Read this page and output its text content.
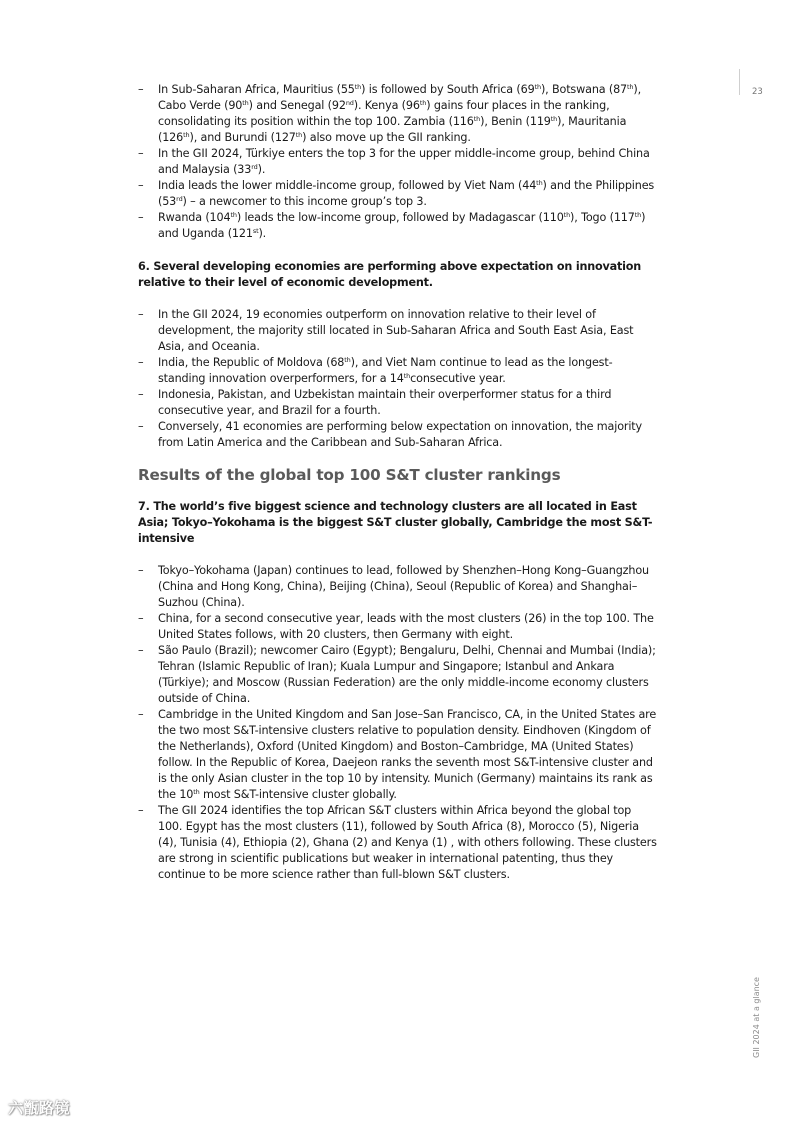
23
– In Sub-Saharan Africa, Mauritius (55th) is followed by South Africa (69th), Botswana (87th), Cabo Verde (90th) and Senegal (92nd). Kenya (96th) gains four places in the ranking, consolidating its position within the top 100. Zambia (116th), Benin (119th), Mauritania (126th), and Burundi (127th) also move up the GII ranking.
– In the GII 2024, Türkiye enters the top 3 for the upper middle-income group, behind China and Malaysia (33rd).
– India leads the lower middle-income group, followed by Viet Nam (44th) and the Philippines (53rd) – a newcomer to this income group’s top 3.
– Rwanda (104th) leads the low-income group, followed by Madagascar (110th), Togo (117th) and Uganda (121st).

6. Several developing economies are performing above expectation on innovation relative to their level of economic development.

– In the GII 2024, 19 economies outperform on innovation relative to their level of development, the majority still located in Sub-Saharan Africa and South East Asia, East Asia, and Oceania.
– India, the Republic of Moldova (68th), and Viet Nam continue to lead as the longest-standing innovation overperformers, for a 14thconsecutive year.
– Indonesia, Pakistan, and Uzbekistan maintain their overperformer status for a third consecutive year, and Brazil for a fourth.
– Conversely, 41 economies are performing below expectation on innovation, the majority from Latin America and the Caribbean and Sub-Saharan Africa.
Results of the global top 100 S&T cluster rankings

7. The world’s five biggest science and technology clusters are all located in East Asia; Tokyo–Yokohama is the biggest S&T cluster globally, Cambridge the most S&T-intensive

– Tokyo–Yokohama (Japan) continues to lead, followed by Shenzhen–Hong Kong–Guangzhou (China and Hong Kong, China), Beijing (China), Seoul (Republic of Korea) and Shanghai–Suzhou (China).
– China, for a second consecutive year, leads with the most clusters (26) in the top 100. The United States follows, with 20 clusters, then Germany with eight.
– São Paulo (Brazil); newcomer Cairo (Egypt); Bengaluru, Delhi, Chennai and Mumbai (India); Tehran (Islamic Republic of Iran); Kuala Lumpur and Singapore; Istanbul and Ankara (Türkiye); and Moscow (Russian Federation) are the only middle-income economy clusters outside of China.
– Cambridge in the United Kingdom and San Jose–San Francisco, CA, in the United States are the two most S&T-intensive clusters relative to population density. Eindhoven (Kingdom of the Netherlands), Oxford (United Kingdom) and Boston–Cambridge, MA (United States) follow. In the Republic of Korea, Daejeon ranks the seventh most S&T-intensive cluster and is the only Asian cluster in the top 10 by intensity. Munich (Germany) maintains its rank as the 10th most S&T-intensive cluster globally.
– The GII 2024 identifies the top African S&T clusters within Africa beyond the global top 100. Egypt has the most clusters (11), followed by South Africa (8), Morocco (5), Nigeria (4), Tunisia (4), Ethiopia (2), Ghana (2) and Kenya (1) , with others following. These clusters are strong in scientific publications but weaker in international patenting, thus they continue to be more science rather than full-blown S&T clusters.
GII 2024 at a glance
六甑路镜
